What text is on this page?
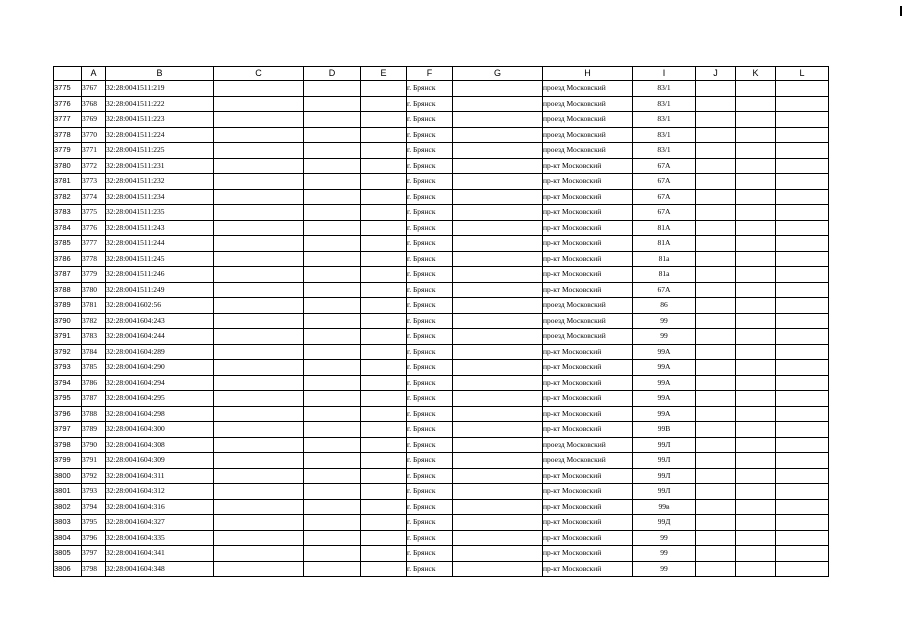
	A	B	C	D	E	F	G	H	I	J	K	L
3775	3767	32:28:0041511:219				г. Брянск		проезд Московский	83/1			
3776	3768	32:28:0041511:222				г. Брянск		проезд Московский	83/1			
3777	3769	32:28:0041511:223				г. Брянск		проезд Московский	83/1			
3778	3770	32:28:0041511:224				г. Брянск		проезд Московский	83/1			
3779	3771	32:28:0041511:225				г. Брянск		проезд Московский	83/1			
3780	3772	32:28:0041511:231				г. Брянск		пр-кт Московский	67А			
3781	3773	32:28:0041511:232				г. Брянск		пр-кт Московский	67А			
3782	3774	32:28:0041511:234				г. Брянск		пр-кт Московский	67А			
3783	3775	32:28:0041511:235				г. Брянск		пр-кт Московский	67А			
3784	3776	32:28:0041511:243				г. Брянск		пр-кт Московский	81А			
3785	3777	32:28:0041511:244				г. Брянск		пр-кт Московский	81А			
3786	3778	32:28:0041511:245				г. Брянск		пр-кт Московский	81а			
3787	3779	32:28:0041511:246				г. Брянск		пр-кт Московский	81а			
3788	3780	32:28:0041511:249				г. Брянск		пр-кт Московский	67А			
3789	3781	32:28:0041602:56				г. Брянск		проезд Московский	86			
3790	3782	32:28:0041604:243				г. Брянск		проезд Московский	99			
3791	3783	32:28:0041604:244				г. Брянск		проезд Московский	99			
3792	3784	32:28:0041604:289				г. Брянск		пр-кт Московский	99А			
3793	3785	32:28:0041604:290				г. Брянск		пр-кт Московский	99А			
3794	3786	32:28:0041604:294				г. Брянск		пр-кт Московский	99А			
3795	3787	32:28:0041604:295				г. Брянск		пр-кт Московский	99А			
3796	3788	32:28:0041604:298				г. Брянск		пр-кт Московский	99А			
3797	3789	32:28:0041604:300				г. Брянск		пр-кт Московский	99В			
3798	3790	32:28:0041604:308				г. Брянск		проезд Московский	99Л			
3799	3791	32:28:0041604:309				г. Брянск		проезд Московский	99Л			
3800	3792	32:28:0041604:311				г. Брянск		пр-кт Московский	99Л			
3801	3793	32:28:0041604:312				г. Брянск		пр-кт Московский	99Л			
3802	3794	32:28:0041604:316				г. Брянск		пр-кт Московский	99в			
3803	3795	32:28:0041604:327				г. Брянск		пр-кт Московский	99Д			
3804	3796	32:28:0041604:335				г. Брянск		пр-кт Московский	99			
3805	3797	32:28:0041604:341				г. Брянск		пр-кт Московский	99			
3806	3798	32:28:0041604:348				г. Брянск		пр-кт Московский	99			
